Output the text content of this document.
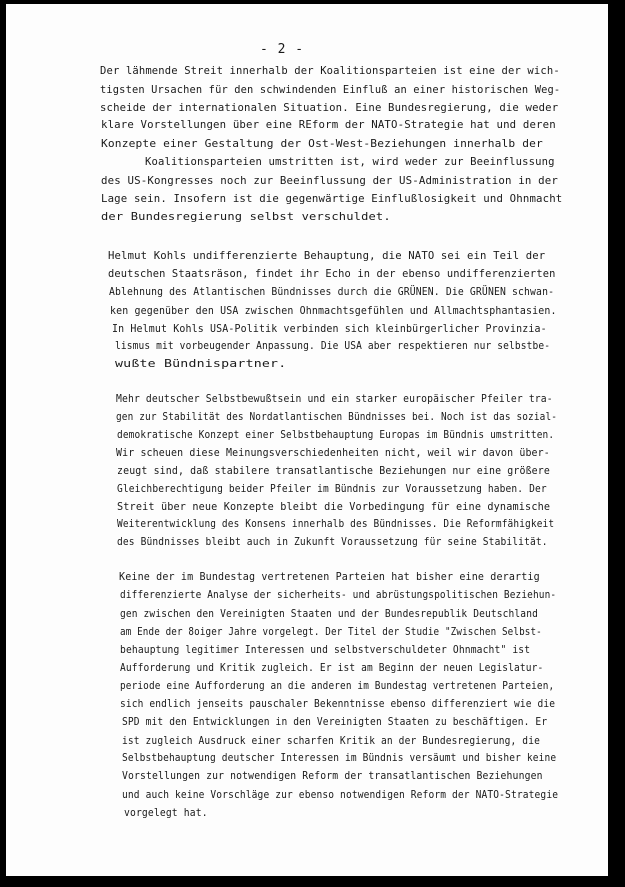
- 2 -
Der lähmende Streit innerhalb der Koalitionsparteien ist eine der wich-
tigsten Ursachen für den schwindenden Einfluß an einer historischen Weg-
scheide der internationalen Situation. Eine Bundesregierung, die weder
klare Vorstellungen über eine REform der NATO-Strategie hat und deren
Konzepte einer Gestaltung der Ost-West-Beziehungen innerhalb der
Koalitionsparteien umstritten ist, wird weder zur Beeinflussung
des US-Kongresses noch zur Beeinflussung der US-Administration in der
Lage sein. Insofern ist die gegenwärtige Einflußlosigkeit und Ohnmacht
der Bundesregierung selbst verschuldet.
Helmut Kohls undifferenzierte Behauptung, die NATO sei ein Teil der
deutschen Staatsräson, findet ihr Echo in der ebenso undifferenzierten
Ablehnung des Atlantischen Bündnisses durch die GRÜNEN. Die GRÜNEN schwan-
ken gegenüber den USA zwischen Ohnmachtsgefühlen und Allmachtsphantasien.
In Helmut Kohls USA-Politik verbinden sich kleinbürgerlicher Provinzia-
lismus mit vorbeugender Anpassung. Die USA aber respektieren nur selbstbe-
wußte Bündnispartner.
Mehr deutscher Selbstbewußtsein und ein starker europäischer Pfeiler tra-
gen zur Stabilität des Nordatlantischen Bündnisses bei. Noch ist das sozial-
demokratische Konzept einer Selbstbehauptung Europas im Bündnis umstritten.
Wir scheuen diese Meinungsverschiedenheiten nicht, weil wir davon über-
zeugt sind, daß stabilere transatlantische Beziehungen nur eine größere
Gleichberechtigung beider Pfeiler im Bündnis zur Voraussetzung haben. Der
Streit über neue Konzepte bleibt die Vorbedingung für eine dynamische
Weiterentwicklung des Konsens innerhalb des Bündnisses. Die Reformfähigkeit
des Bündnisses bleibt auch in Zukunft Voraussetzung für seine Stabilität.
Keine der im Bundestag vertretenen Parteien hat bisher eine derartig
differenzierte Analyse der sicherheits- und abrüstungspolitischen Beziehun-
gen zwischen den Vereinigten Staaten und der Bundesrepublik Deutschland
am Ende der 8oiger Jahre vorgelegt. Der Titel der Studie "Zwischen Selbst-
behauptung legitimer Interessen und selbstverschuldeter Ohnmacht" ist
Aufforderung und Kritik zugleich. Er ist am Beginn der neuen Legislatur-
periode eine Aufforderung an die anderen im Bundestag vertretenen Parteien,
sich endlich jenseits pauschaler Bekenntnisse ebenso differenziert wie die
SPD mit den Entwicklungen in den Vereinigten Staaten zu beschäftigen. Er
ist zugleich Ausdruck einer scharfen Kritik an der Bundesregierung, die
Selbstbehauptung deutscher Interessen im Bündnis versäumt und bisher keine
Vorstellungen zur notwendigen Reform der transatlantischen Beziehungen
und auch keine Vorschläge zur ebenso notwendigen Reform der NATO-Strategie
vorgelegt hat.
